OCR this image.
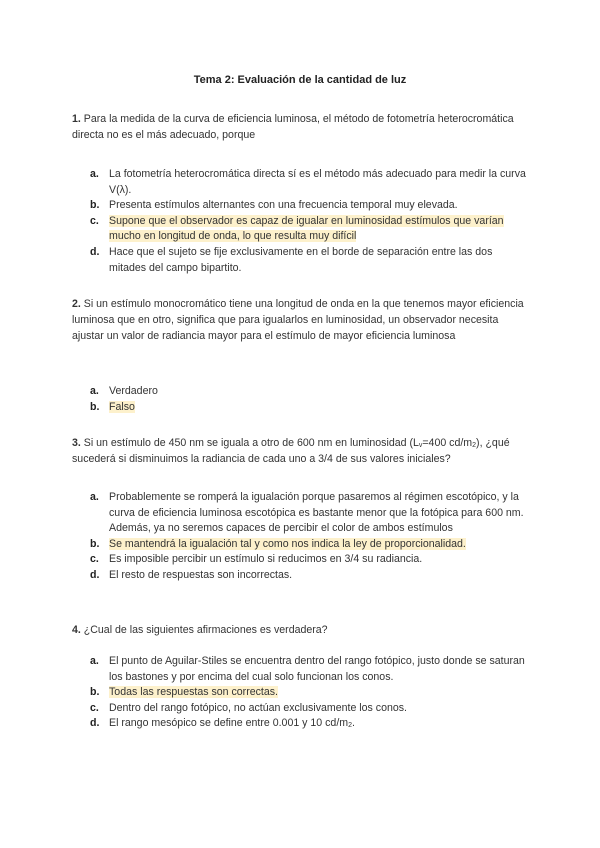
Tema 2: Evaluación de la cantidad de luz
1. Para la medida de la curva de eficiencia luminosa, el método de fotometría heterocromática directa no es el más adecuado, porque
a. La fotometría heterocromática directa sí es el método más adecuado para medir la curva V(λ).
b. Presenta estímulos alternantes con una frecuencia temporal muy elevada.
c. Supone que el observador es capaz de igualar en luminosidad estímulos que varían mucho en longitud de onda, lo que resulta muy difícil
d. Hace que el sujeto se fije exclusivamente en el borde de separación entre las dos mitades del campo bipartito.
2. Si un estímulo monocromático tiene una longitud de onda en la que tenemos mayor eficiencia luminosa que en otro, significa que para igualarlos en luminosidad, un observador necesita ajustar un valor de radiancia mayor para el estímulo de mayor eficiencia luminosa
a. Verdadero
b. Falso
3. Si un estímulo de 450 nm se iguala a otro de 600 nm en luminosidad ($L_v=400$ $cd/m_2$), ¿qué sucederá si disminuimos la radiancia de cada uno a 3/4 de sus valores iniciales?
a. Probablemente se romperá la igualación porque pasaremos al régimen escotópico, y la curva de eficiencia luminosa escotópica es bastante menor que la fotópica para 600 nm. Además, ya no seremos capaces de percibir el color de ambos estímulos
b. Se mantendrá la igualación tal y como nos indica la ley de proporcionalidad.
c. Es imposible percibir un estímulo si reducimos en 3/4 su radiancia.
d. El resto de respuestas son incorrectas.
4. ¿Cual de las siguientes afirmaciones es verdadera?
a. El punto de Aguilar-Stiles se encuentra dentro del rango fotópico, justo donde se saturan los bastones y por encima del cual solo funcionan los conos.
b. Todas las respuestas son correctas.
c. Dentro del rango fotópico, no actúan exclusivamente los conos.
d. El rango mesópico se define entre 0.001 y 10 $cd/m_2$.
